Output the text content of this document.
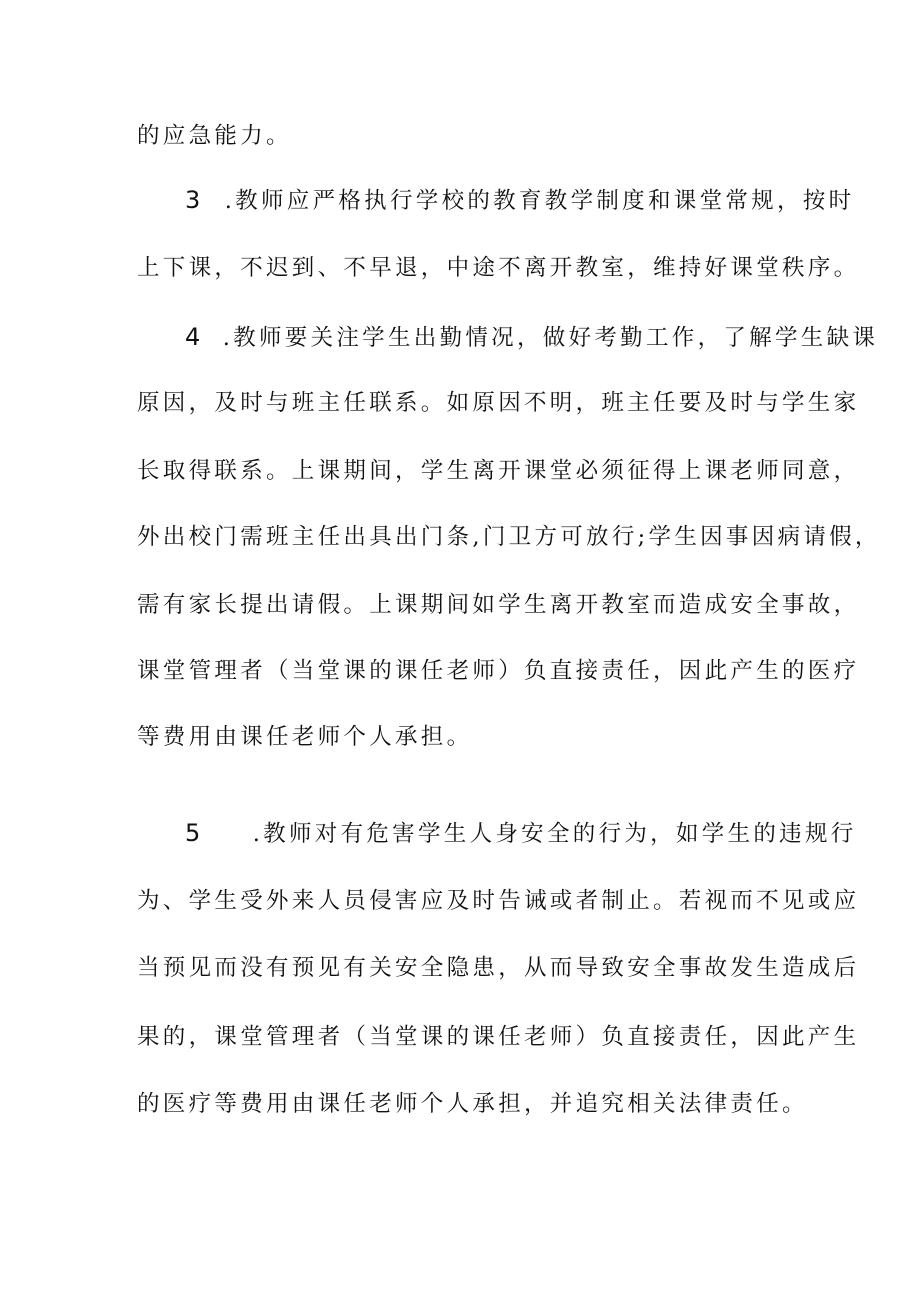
的应急能力。
3 .教师应严格执行学校的教育教学制度和课堂常规，按时
上下课，不迟到、不早退，中途不离开教室，维持好课堂秩序。
4 .教师要关注学生出勤情况，做好考勤工作，了解学生缺课
原因，及时与班主任联系。如原因不明，班主任要及时与学生家
长取得联系。上课期间，学生离开课堂必须征得上课老师同意，
外出校门需班主任出具出门条,门卫方可放行;学生因事因病请假，
需有家长提出请假。上课期间如学生离开教室而造成安全事故，
课堂管理者（当堂课的课任老师）负直接责任，因此产生的医疗
等费用由课任老师个人承担。
5 .教师对有危害学生人身安全的行为，如学生的违规行
为、学生受外来人员侵害应及时告诫或者制止。若视而不见或应
当预见而没有预见有关安全隐患，从而导致安全事故发生造成后
果的，课堂管理者（当堂课的课任老师）负直接责任，因此产生
的医疗等费用由课任老师个人承担，并追究相关法律责任。
